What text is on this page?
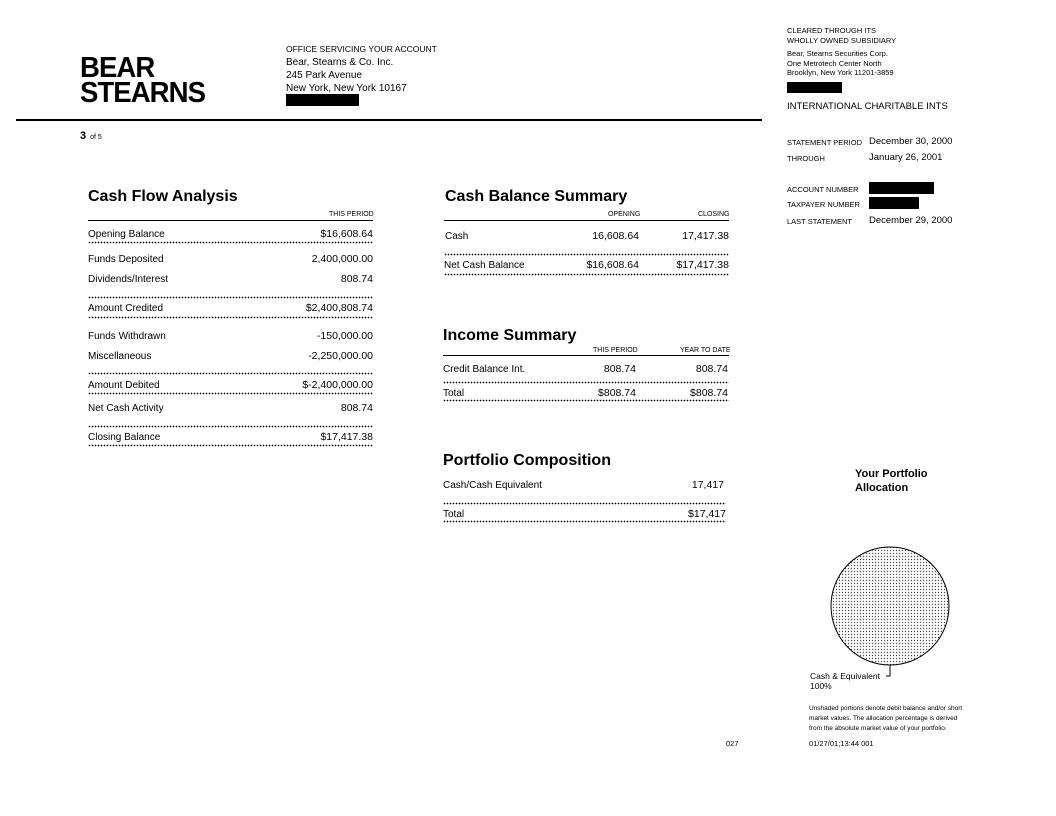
BEAR
STEARNS
OFFICE SERVICING YOUR ACCOUNT
Bear, Stearns & Co. Inc.
245 Park Avenue
New York, New York 10167
3 of 5
CLEARED THROUGH ITS
WHOLLY OWNED SUBSIDIARY
Bear, Stearns Securities Corp.
One Metrotech Center North
Brooklyn, New York 11201-3859
INTERNATIONAL CHARITABLE INTS
STATEMENT PERIOD December 30, 2000
THROUGH	January 26, 2001
ACCOUNT NUMBER
TAXPAYER NUMBER
LAST STATEMENT December 29, 2000
Cash Flow Analysis
THIS PERIOD
Opening Balance	$16,608.64
Funds Deposited	2,400,000.00
Dividends/Interest	808.74
Amount Credited	$2,400,808.74
Funds Withdrawn	-150,000.00
Miscellaneous	-2,250,000.00
Amount Debited	$-2,400,000.00
Net Cash Activity	808.74
Closing Balance	$17,417.38
Cash Balance Summary
OPENING	CLOSING
Cash	16,608.64	17,417.38
Net Cash Balance	$16,608.64	$17,417.38
Income Summary
THIS PERIOD	YEAR TO DATE
Credit Balance Int.	808.74	808.74
Total	$808.74	$808.74
Portfolio Composition
Cash/Cash Equivalent	17,417
Total	$17,417
Your Portfolio
Allocation
Cash & Equivalent
100%
Unshaded portions denote debit balance and/or short
market values. The allocation percentage is derived
from the absolute market value of your portfolio.
027	01/27/01;13:44 001
